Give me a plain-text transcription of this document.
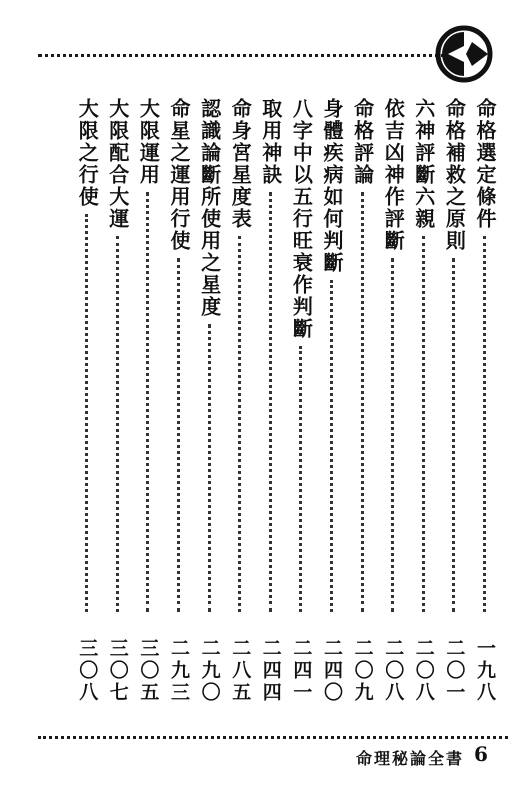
命格選定條件
一九八
命格補救之原則
二〇一
六神評斷六親
二〇八
依吉凶神作評斷
二〇八
命格評論
二〇九
身體疾病如何判斷
二四〇
八字中以五行旺衰作判斷
二四一
取用神訣
二四四
命身宮星度表
二八五
認識論斷所使用之星度
二九〇
命星之運用行使
二九三
大限運用
三〇五
大限配合大運
三〇七
大限之行使
三〇八
命理秘論全書 6
